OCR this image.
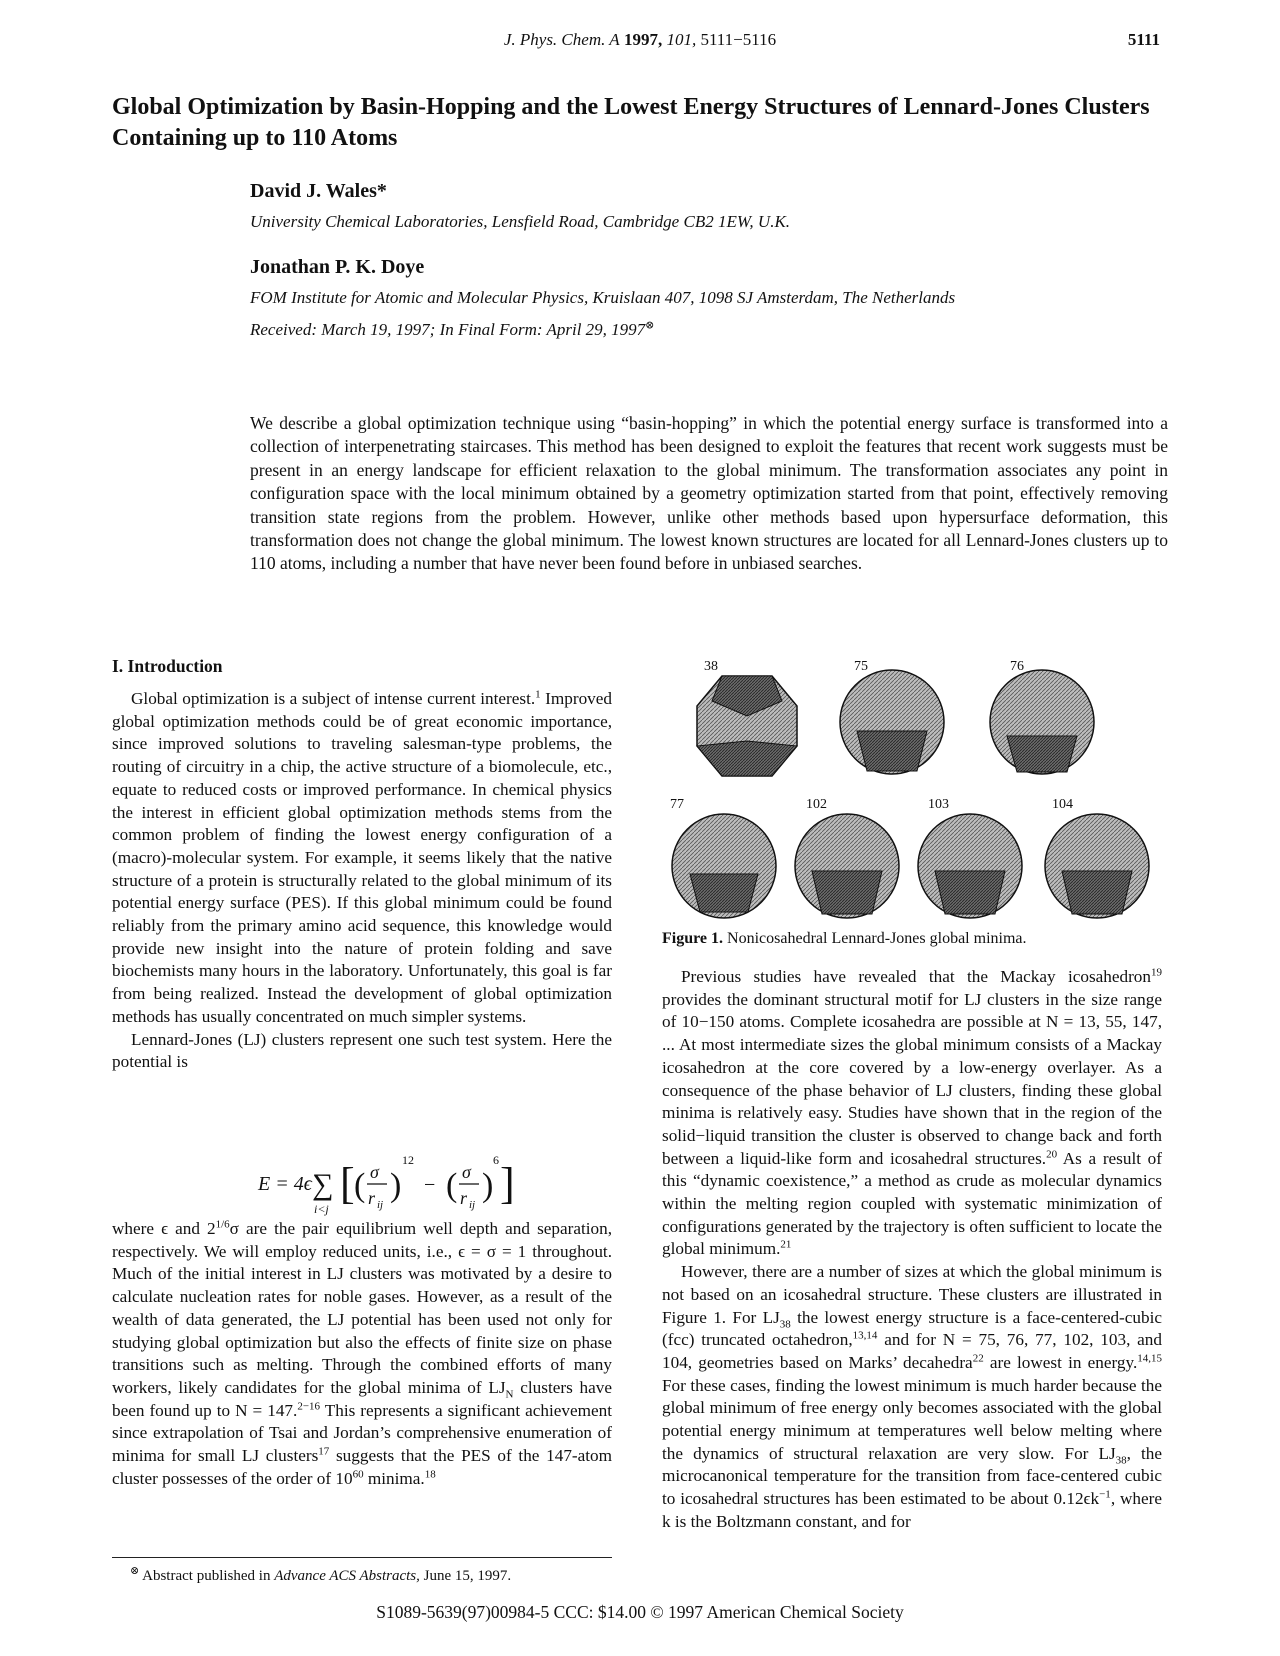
J. Phys. Chem. A 1997, 101, 5111−5116	5111
Global Optimization by Basin-Hopping and the Lowest Energy Structures of Lennard-Jones Clusters Containing up to 110 Atoms
David J. Wales*
University Chemical Laboratories, Lensfield Road, Cambridge CB2 1EW, U.K.
Jonathan P. K. Doye
FOM Institute for Atomic and Molecular Physics, Kruislaan 407, 1098 SJ Amsterdam, The Netherlands
Received: March 19, 1997; In Final Form: April 29, 1997⊗
We describe a global optimization technique using “basin-hopping” in which the potential energy surface is transformed into a collection of interpenetrating staircases. This method has been designed to exploit the features that recent work suggests must be present in an energy landscape for efficient relaxation to the global minimum. The transformation associates any point in configuration space with the local minimum obtained by a geometry optimization started from that point, effectively removing transition state regions from the problem. However, unlike other methods based upon hypersurface deformation, this transformation does not change the global minimum. The lowest known structures are located for all Lennard-Jones clusters up to 110 atoms, including a number that have never been found before in unbiased searches.
I. Introduction

Global optimization is a subject of intense current interest.$^1$ Improved global optimization methods could be of great economic importance, since improved solutions to traveling salesman-type problems, the routing of circuitry in a chip, the active structure of a biomolecule, etc., equate to reduced costs or improved performance. In chemical physics the interest in efficient global optimization methods stems from the common problem of finding the lowest energy configuration of a (macro)-molecular system. For example, it seems likely that the native structure of a protein is structurally related to the global minimum of its potential energy surface (PES). If this global minimum could be found reliably from the primary amino acid sequence, this knowledge would provide new insight into the nature of protein folding and save biochemists many hours in the laboratory. Unfortunately, this goal is far from being realized. Instead the development of global optimization methods has usually concentrated on much simpler systems.

Lennard-Jones (LJ) clusters represent one such test system. Here the potential is

E = 4ϵ ∑
i<j
[ ( σ
r ij
)
12
− ( σ
r ij
)
6 ]

where ϵ and $2^{1/6}\sigma$ are the pair equilibrium well depth and separation, respectively. We will employ reduced units, i.e., ϵ = σ = 1 throughout. Much of the initial interest in LJ clusters was motivated by a desire to calculate nucleation rates for noble gases. However, as a result of the wealth of data generated, the LJ potential has been used not only for studying global optimization but also the effects of finite size on phase transitions such as melting. Through the combined efforts of many workers, likely candidates for the global minima of $LJ_N$ clusters have been found up to N = 147.$^{2-16}$ This represents a significant achievement since extrapolation of Tsai and Jordan’s comprehensive enumeration of minima for small LJ clusters$^{17}$ suggests that the PES of the 147-atom cluster possesses of the order of $10^{60}$ minima.$^{18}$

⊗ Abstract published in Advance ACS Abstracts, June 15, 1997.
38	75	76
77	102	103	104
Figure 1. Nonicosahedral Lennard-Jones global minima.

Previous studies have revealed that the Mackay icosahedron$^{19}$ provides the dominant structural motif for LJ clusters in the size range of 10−150 atoms. Complete icosahedra are possible at N = 13, 55, 147, ... At most intermediate sizes the global minimum consists of a Mackay icosahedron at the core covered by a low-energy overlayer. As a consequence of the phase behavior of LJ clusters, finding these global minima is relatively easy. Studies have shown that in the region of the solid−liquid transition the cluster is observed to change back and forth between a liquid-like form and icosahedral structures.$^{20}$ As a result of this “dynamic coexistence,” a method as crude as molecular dynamics within the melting region coupled with systematic minimization of configurations generated by the trajectory is often sufficient to locate the global minimum.$^{21}$

However, there are a number of sizes at which the global minimum is not based on an icosahedral structure. These clusters are illustrated in Figure 1. For $LJ_{38}$ the lowest energy structure is a face-centered-cubic (fcc) truncated octahedron,$^{13,14}$ and for N = 75, 76, 77, 102, 103, and 104, geometries based on Marks’ decahedra$^{22}$ are lowest in energy.$^{14,15}$ For these cases, finding the lowest minimum is much harder because the global minimum of free energy only becomes associated with the global potential energy minimum at temperatures well below melting where the dynamics of structural relaxation are very slow. For $LJ_{38}$, the microcanonical temperature for the transition from face-centered cubic to icosahedral structures has been estimated to be about $0.12\epsilon k^{-1}$, where k is the Boltzmann constant, and for

S1089-5639(97)00984-5 CCC: $14.00 © 1997 American Chemical Society
